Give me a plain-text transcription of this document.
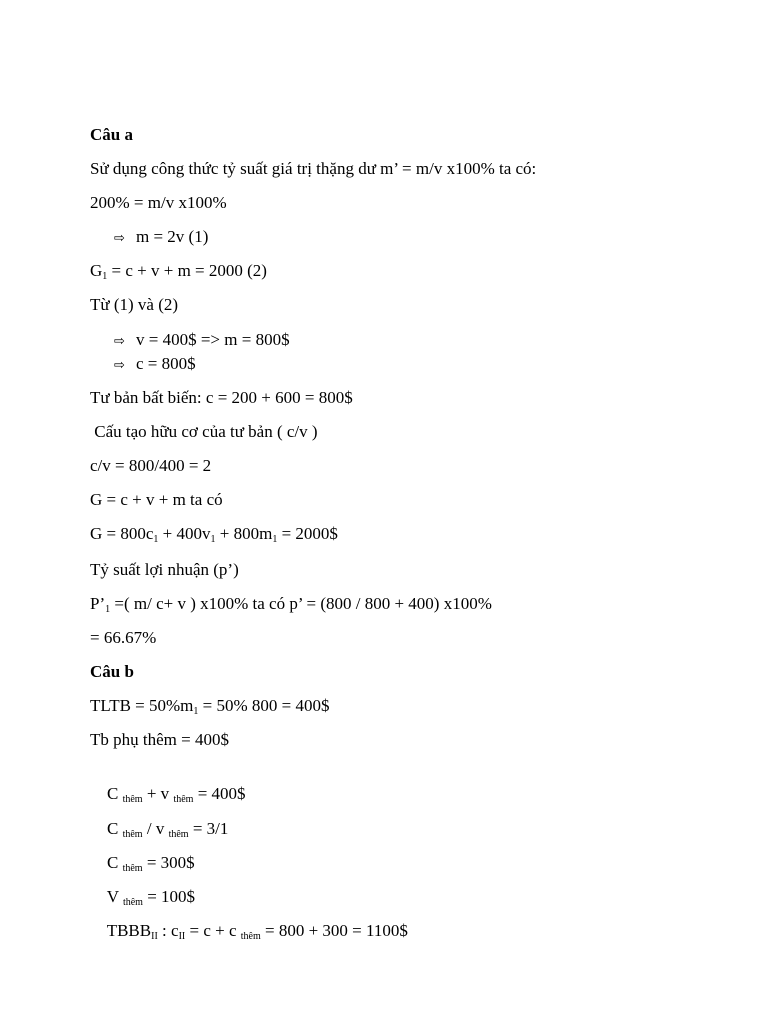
Câu a
Sử dụng công thức tỷ suất giá trị thặng dư m’ = m/v x100% ta có:
200% = m/v x100%
⇨ m = 2v (1)
$G_1 = c + v + m = 2000$ (2)
Từ (1) và (2)
⇨ v = 400$ => m = 800$
⇨ c = 800$
Tư bản bất biến: c = 200 + 600 = 800$
Cấu tạo hữu cơ của tư bản ( c/v )
c/v = 800/400 = 2
G = c + v + m ta có
$G = 800c_1 + 400v_1 + 800m_1$ = 2000$
Tỷ suất lợi nhuận (p’)
$P’_1$ =( m/ c+ v ) x100% ta có p’ = (800 / 800 + 400) x100%
= 66.67%
Câu b
TLTB = $50\%m_1 = 50\%$ 800 = 400$
Tb phụ thêm = 400$

C $_{thêm}$ + v $_{thêm}$ = 400$

C $_{thêm}$ / v $_{thêm}$ = 3/1

C $_{thêm}$ = 300$

V $_{thêm}$ = 100$

$TBBB_{II}$ : $c_{II} = c + c$ $_{thêm}$ = 800 + 300 = 1100$
